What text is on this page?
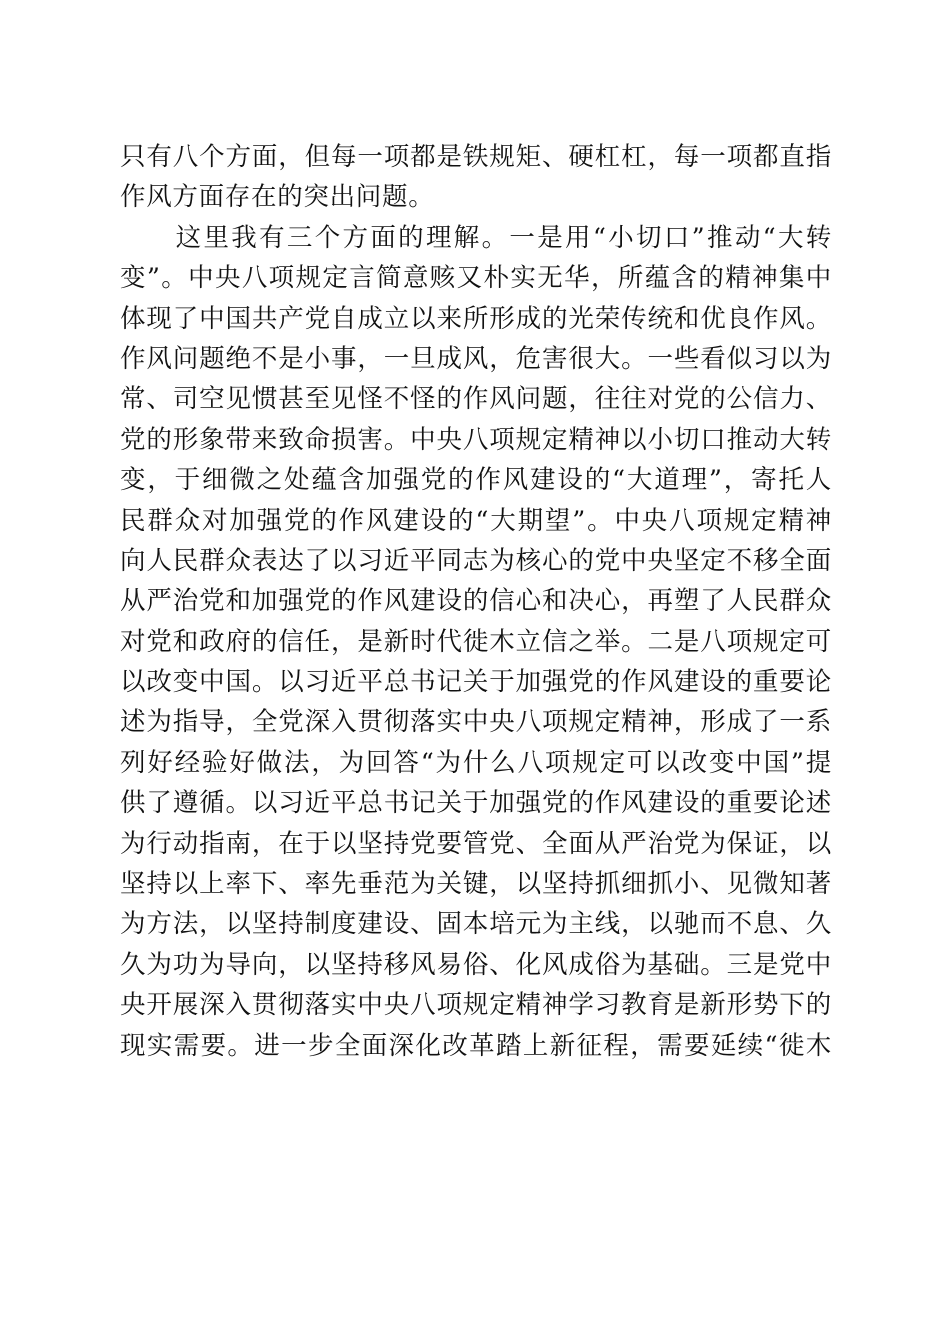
只有八个方面，但每一项都是铁规矩、硬杠杠，每一项都直指
作风方面存在的突出问题。
　　这里我有三个方面的理解。一是用“小切口”推动“大转
变”。中央八项规定言简意赅又朴实无华，所蕴含的精神集中
体现了中国共产党自成立以来所形成的光荣传统和优良作风。
作风问题绝不是小事，一旦成风，危害很大。一些看似习以为
常、司空见惯甚至见怪不怪的作风问题，往往对党的公信力、
党的形象带来致命损害。中央八项规定精神以小切口推动大转
变，于细微之处蕴含加强党的作风建设的“大道理”，寄托人
民群众对加强党的作风建设的“大期望”。中央八项规定精神
向人民群众表达了以习近平同志为核心的党中央坚定不移全面
从严治党和加强党的作风建设的信心和决心，再塑了人民群众
对党和政府的信任，是新时代徙木立信之举。二是八项规定可
以改变中国。以习近平总书记关于加强党的作风建设的重要论
述为指导，全党深入贯彻落实中央八项规定精神，形成了一系
列好经验好做法，为回答“为什么八项规定可以改变中国”提
供了遵循。以习近平总书记关于加强党的作风建设的重要论述
为行动指南，在于以坚持党要管党、全面从严治党为保证，以
坚持以上率下、率先垂范为关键，以坚持抓细抓小、见微知著
为方法，以坚持制度建设、固本培元为主线，以驰而不息、久
久为功为导向，以坚持移风易俗、化风成俗为基础。三是党中
央开展深入贯彻落实中央八项规定精神学习教育是新形势下的
现实需要。进一步全面深化改革踏上新征程，需要延续“徙木
